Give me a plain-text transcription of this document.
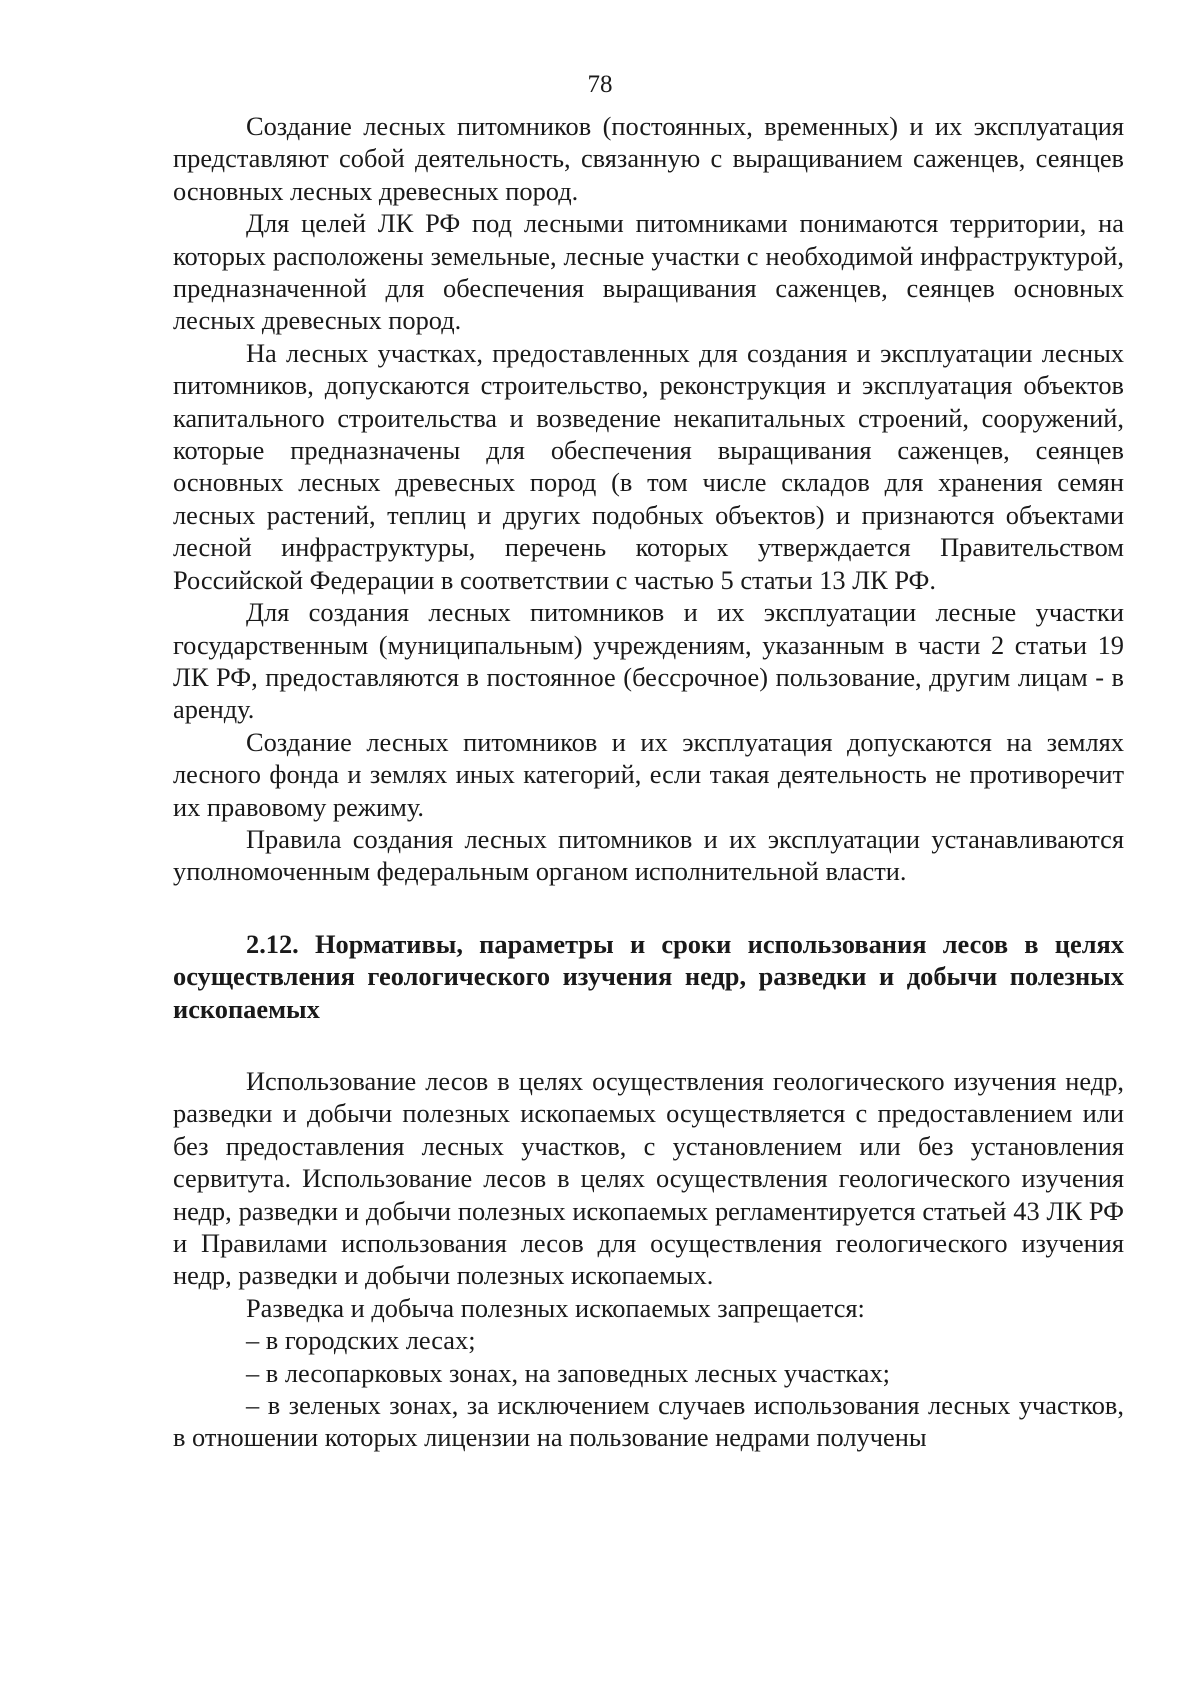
78

Создание лесных питомников (постоянных, временных) и их эксплуатация представляют собой деятельность, связанную с выращиванием саженцев, сеянцев основных лесных древесных пород.

Для целей ЛК РФ под лесными питомниками понимаются территории, на которых расположены земельные, лесные участки с необходимой инфраструктурой, предназначенной для обеспечения выращивания саженцев, сеянцев основных лесных древесных пород.

На лесных участках, предоставленных для создания и эксплуатации лесных питомников, допускаются строительство, реконструкция и эксплуатация объектов капитального строительства и возведение некапитальных строений, сооружений, которые предназначены для обеспечения выращивания саженцев, сеянцев основных лесных древесных пород (в том числе складов для хранения семян лесных растений, теплиц и других подобных объектов) и признаются объектами лесной инфраструктуры, перечень которых утверждается Правительством Российской Федерации в соответствии с частью 5 статьи 13 ЛК РФ.

Для создания лесных питомников и их эксплуатации лесные участки государственным (муниципальным) учреждениям, указанным в части 2 статьи 19 ЛК РФ, предоставляются в постоянное (бессрочное) пользование, другим лицам - в аренду.

Создание лесных питомников и их эксплуатация допускаются на землях лесного фонда и землях иных категорий, если такая деятельность не противоречит их правовому режиму.

Правила создания лесных питомников и их эксплуатации устанавливаются уполномоченным федеральным органом исполнительной власти.

2.12. Нормативы, параметры и сроки использования лесов в целях осуществления геологического изучения недр, разведки и добычи полезных ископаемых

Использование лесов в целях осуществления геологического изучения недр, разведки и добычи полезных ископаемых осуществляется с предоставлением или без предоставления лесных участков, с установлением или без установления сервитута. Использование лесов в целях осуществления геологического изучения недр, разведки и добычи полезных ископаемых регламентируется статьей 43 ЛК РФ и Правилами использования лесов для осуществления геологического изучения недр, разведки и добычи полезных ископаемых.

Разведка и добыча полезных ископаемых запрещается:

– в городских лесах;

– в лесопарковых зонах, на заповедных лесных участках;

– в зеленых зонах, за исключением случаев использования лесных участков, в отношении которых лицензии на пользование недрами получены
